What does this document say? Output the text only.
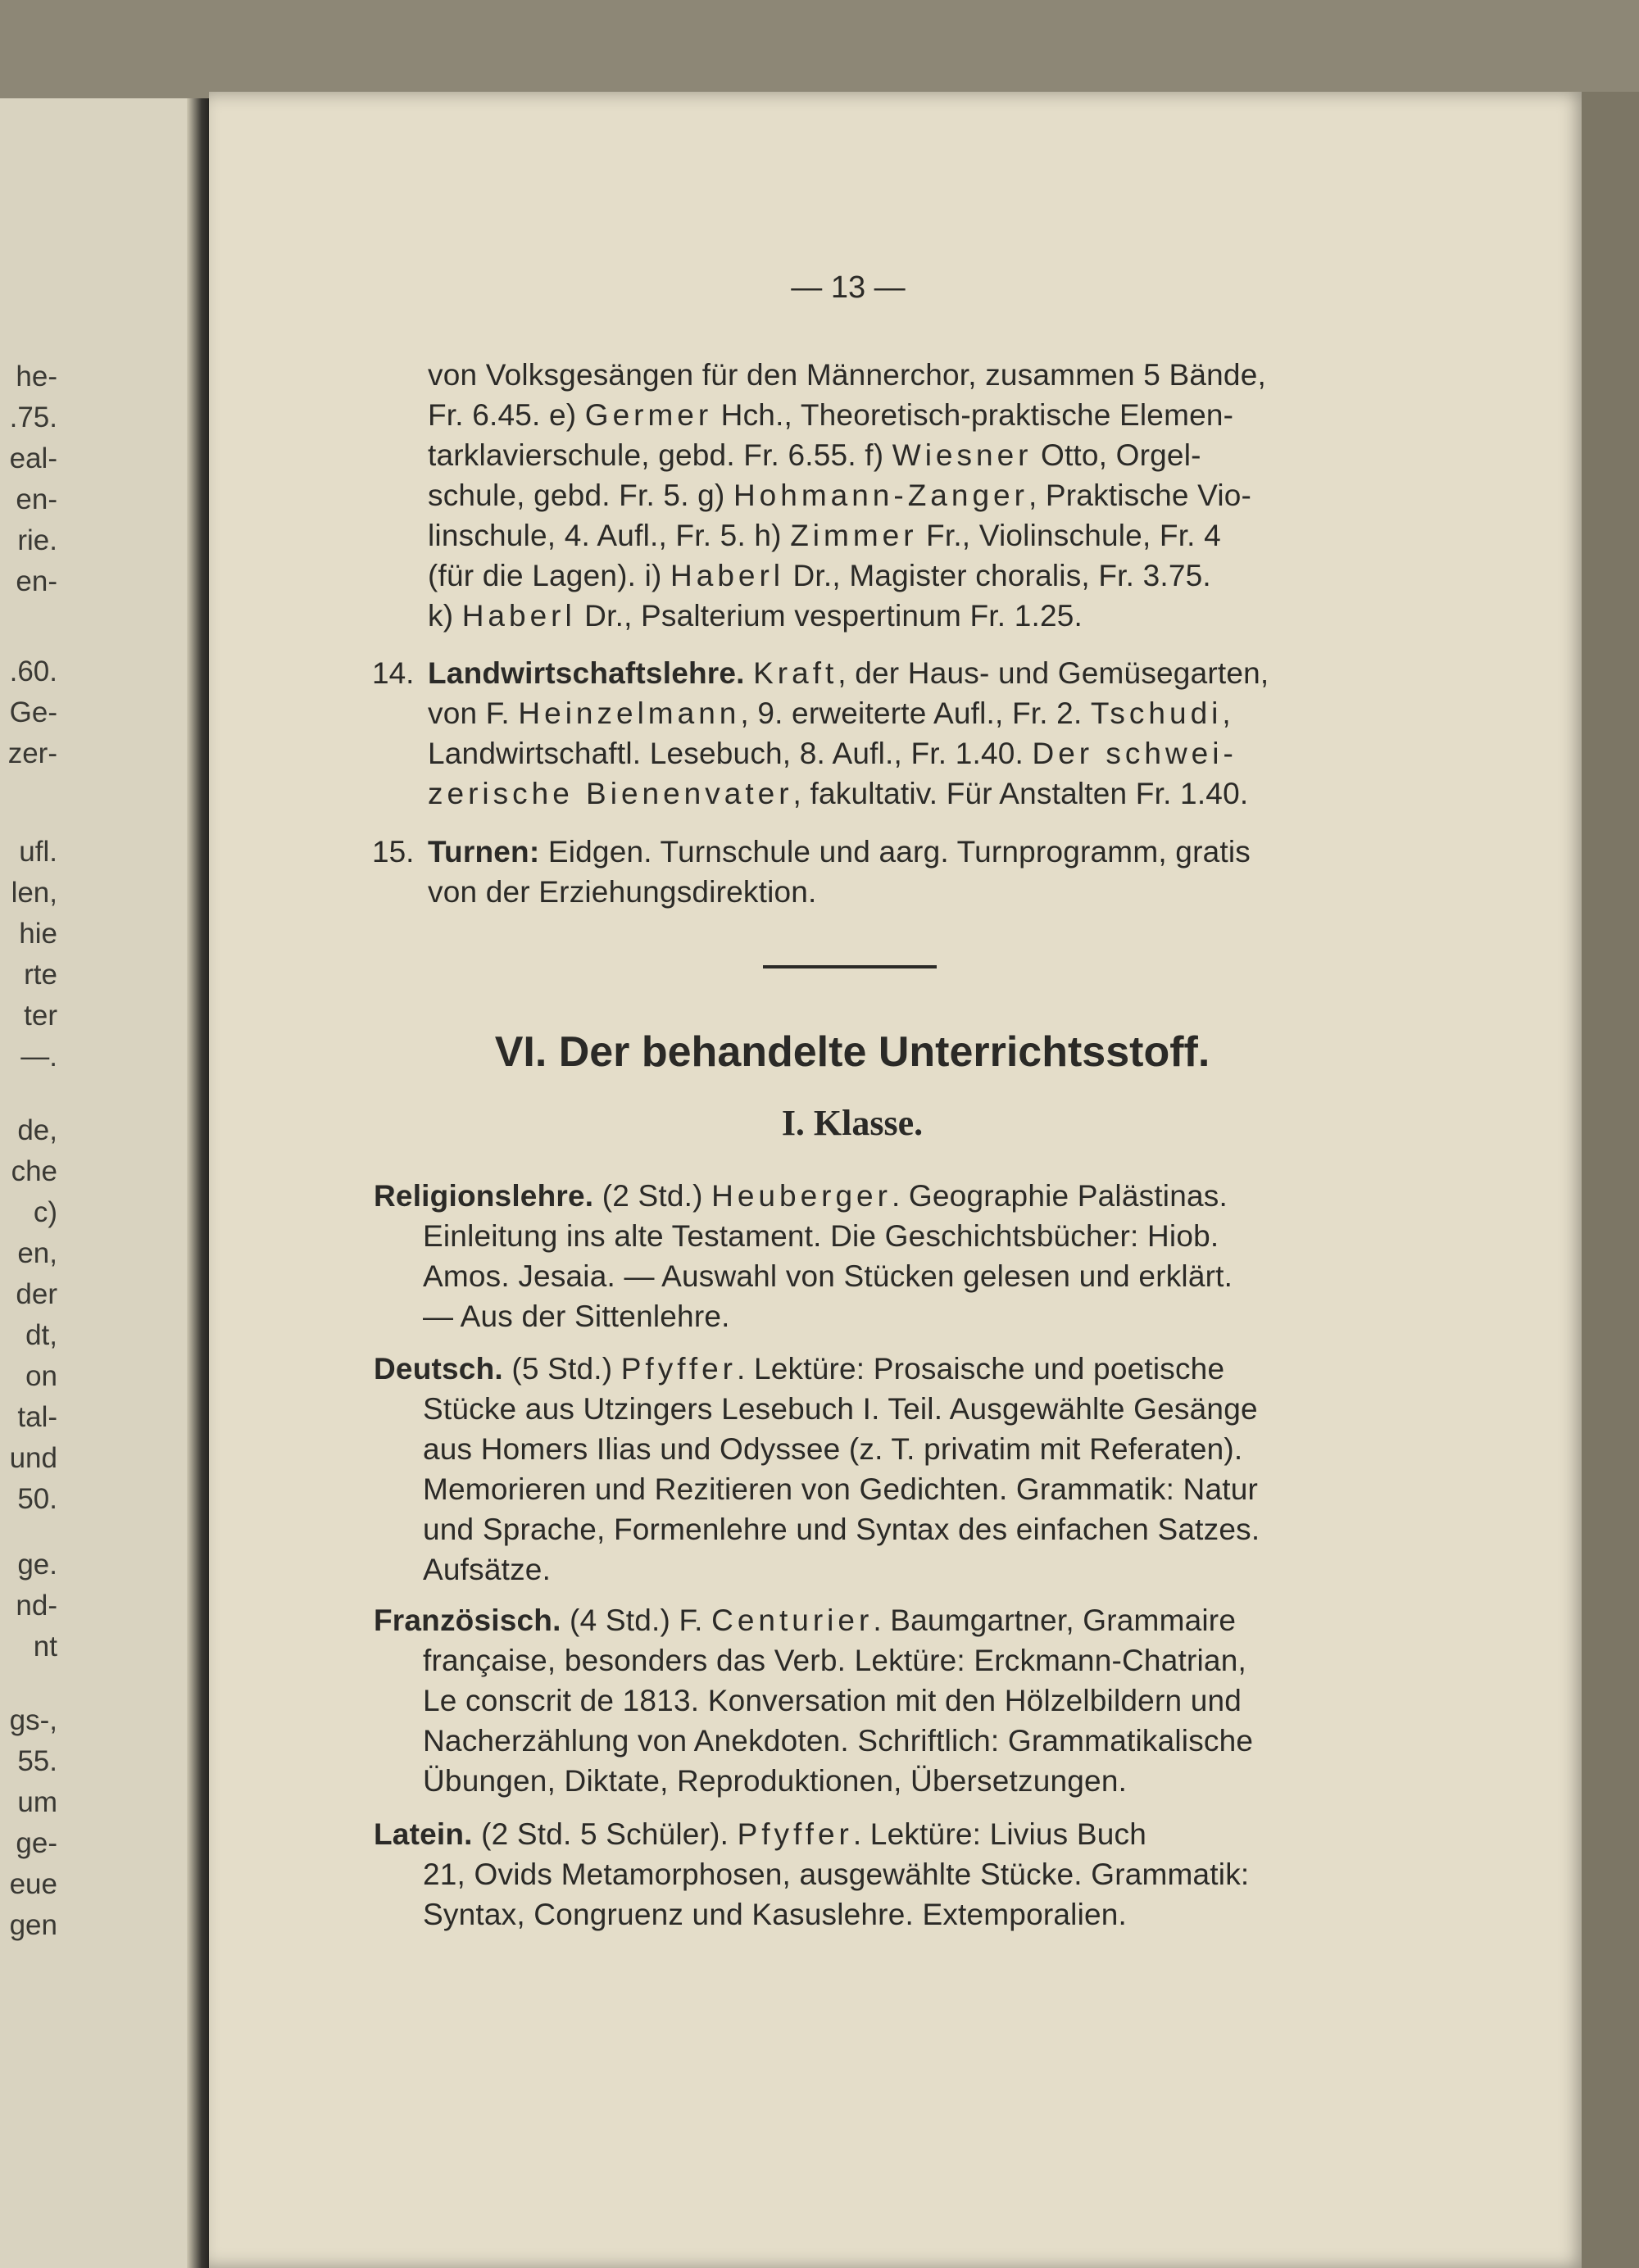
he-
.75.
eal-
en-
rie.
en-
.60.
Ge-
zer-
ufl.
len,
hie
rte
ter
—.
de,
che
c)
en,
der
dt,
on
tal-
und
50.
ge.
nd-
nt
gs-,
55.
um
ge-
eue
gen
— 13 —
von Volksgesängen für den Männerchor, zusammen 5 Bände,
Fr. 6.45. e) Germer Hch., Theoretisch-praktische Elemen-
tarklavierschule, gebd. Fr. 6.55. f) Wiesner Otto, Orgel-
schule, gebd. Fr. 5. g) Hohmann-Zanger, Praktische Vio-
linschule, 4. Aufl., Fr. 5. h) Zimmer Fr., Violinschule, Fr. 4
(für die Lagen). i) Haberl Dr., Magister choralis, Fr. 3.75.
k) Haberl Dr., Psalterium vespertinum Fr. 1.25.
14. Landwirtschaftslehre. Kraft, der Haus- und Gemüsegarten,
von F. Heinzelmann, 9. erweiterte Aufl., Fr. 2. Tschudi,
Landwirtschaftl. Lesebuch, 8. Aufl., Fr. 1.40. Der schwei-
zerische Bienenvater, fakultativ. Für Anstalten Fr. 1.40.
15. Turnen: Eidgen. Turnschule und aarg. Turnprogramm, gratis
von der Erziehungsdirektion.
VI. Der behandelte Unterrichtsstoff.
I. Klasse.
Religionslehre. (2 Std.) Heuberger. Geographie Palästinas.
Einleitung ins alte Testament. Die Geschichtsbücher: Hiob.
Amos. Jesaia. — Auswahl von Stücken gelesen und erklärt.
— Aus der Sittenlehre.
Deutsch. (5 Std.) Pfyffer. Lektüre: Prosaische und poetische
Stücke aus Utzingers Lesebuch I. Teil. Ausgewählte Gesänge
aus Homers Ilias und Odyssee (z. T. privatim mit Referaten).
Memorieren und Rezitieren von Gedichten. Grammatik: Natur
und Sprache, Formenlehre und Syntax des einfachen Satzes.
Aufsätze.
Französisch. (4 Std.) F. Centurier. Baumgartner, Grammaire
française, besonders das Verb. Lektüre: Erckmann-Chatrian,
Le conscrit de 1813. Konversation mit den Hölzelbildern und
Nacherzählung von Anekdoten. Schriftlich: Grammatikalische
Übungen, Diktate, Reproduktionen, Übersetzungen.
Latein. (2 Std. 5 Schüler). Pfyffer. Lektüre: Livius Buch
21, Ovids Metamorphosen, ausgewählte Stücke. Grammatik:
Syntax, Congruenz und Kasuslehre. Extemporalien.
